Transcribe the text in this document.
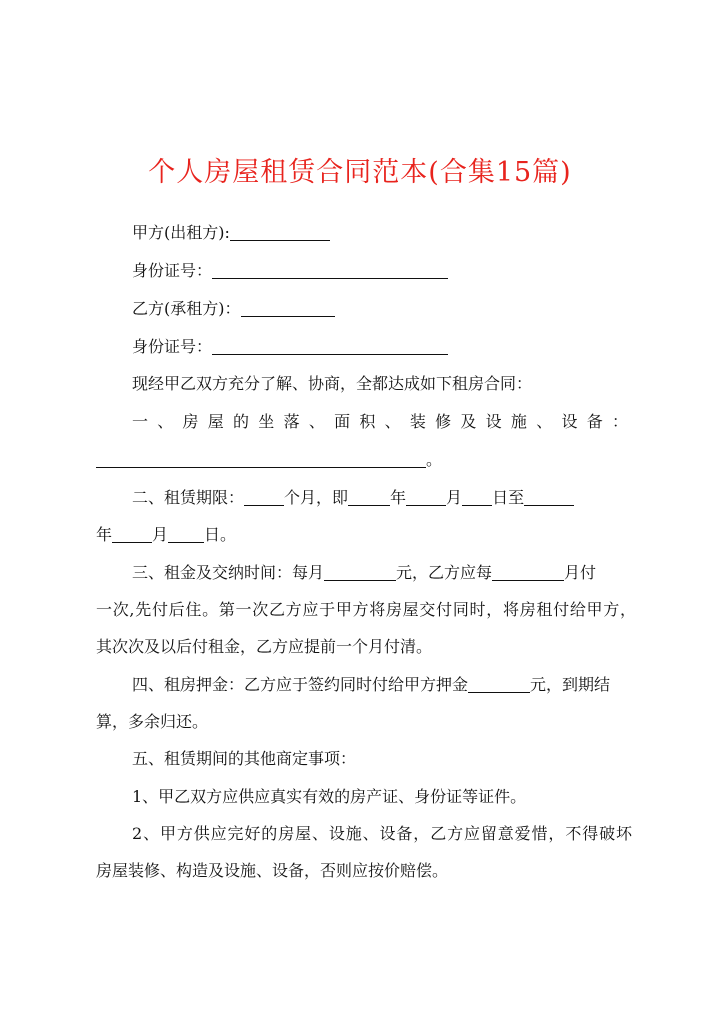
个人房屋租赁合同范本(合集15篇)
甲方(出租方):
身份证号：
乙方(承租方)：
身份证号：
现经甲乙双方充分了解、协商，全都达成如下租房合同：
一、房屋的坐落、面积、装修及设施、设备：
。
二、租赁期限：	个月，即	年	月 日至
年	月 日。
三、租金及交纳时间：每月	元，乙方应每	月付
一次,先付后住。第一次乙方应于甲方将房屋交付同时，将房租付给甲方，
其次次及以后付租金，乙方应提前一个月付清。
四、租房押金：乙方应于签约同时付给甲方押金	元，到期结
算，多余归还。
五、租赁期间的其他商定事项：
1、甲乙双方应供应真实有效的房产证、身份证等证件。
2、甲方供应完好的房屋、设施、设备，乙方应留意爱惜，不得破坏
房屋装修、构造及设施、设备，否则应按价赔偿。
